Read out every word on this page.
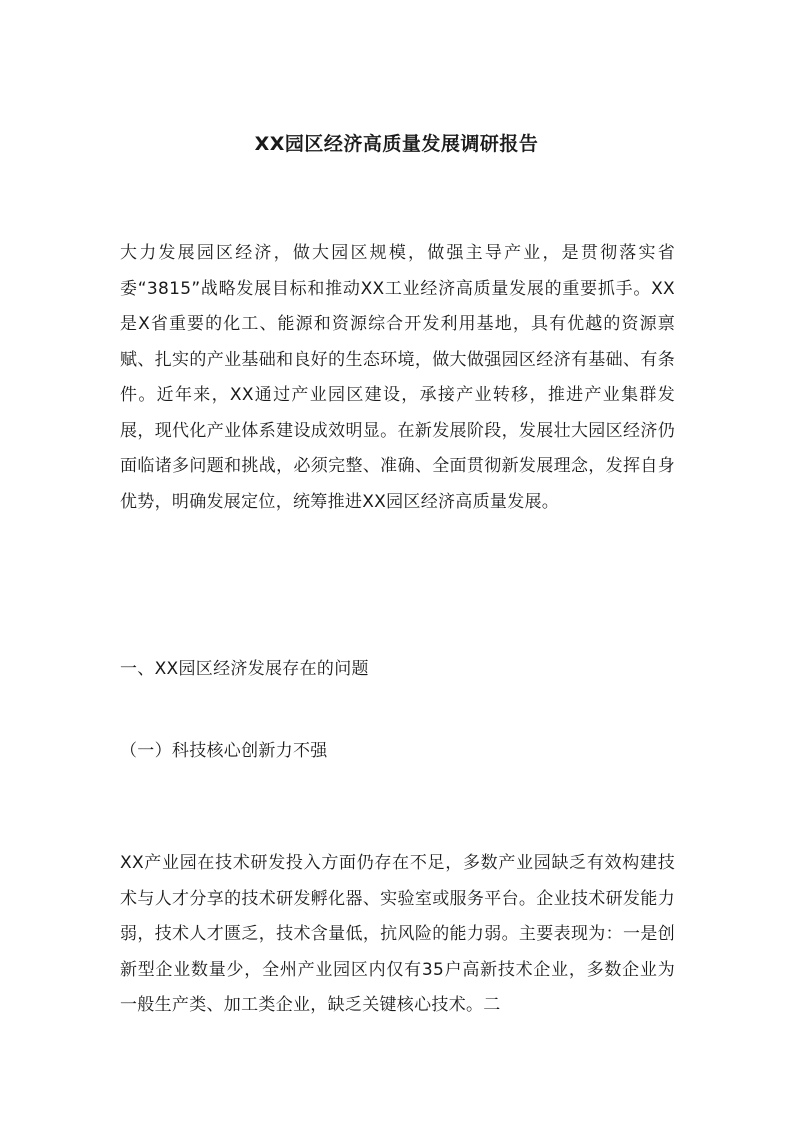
XX园区经济高质量发展调研报告

大力发展园区经济，做大园区规模，做强主导产业，是贯彻落实省委“3815”战略发展目标和推动XX工业经济高质量发展的重要抓手。XX是X省重要的化工、能源和资源综合开发利用基地，具有优越的资源禀赋、扎实的产业基础和良好的生态环境，做大做强园区经济有基础、有条件。近年来，XX通过产业园区建设，承接产业转移，推进产业集群发展，现代化产业体系建设成效明显。在新发展阶段，发展壮大园区经济仍面临诸多问题和挑战，必须完整、准确、全面贯彻新发展理念，发挥自身优势，明确发展定位，统筹推进XX园区经济高质量发展。

一、XX园区经济发展存在的问题
（一）科技核心创新力不强

XX产业园在技术研发投入方面仍存在不足，多数产业园缺乏有效构建技术与人才分享的技术研发孵化器、实验室或服务平台。企业技术研发能力弱，技术人才匮乏，技术含量低，抗风险的能力弱。主要表现为：一是创新型企业数量少，全州产业园区内仅有35户高新技术企业，多数企业为一般生产类、加工类企业，缺乏关键核心技术。二
